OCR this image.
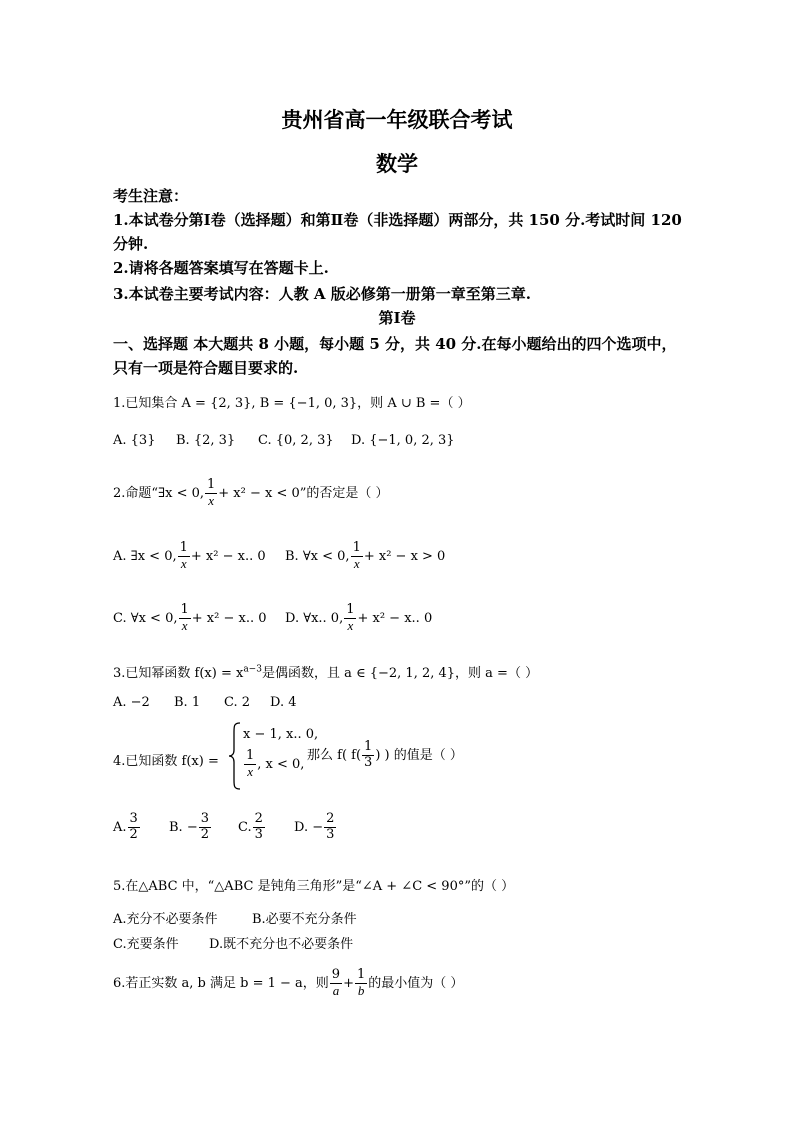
贵州省高一年级联合考试
数学
考生注意：
1.本试卷分第Ⅰ卷（选择题）和第Ⅱ卷（非选择题）两部分，共 150 分.考试时间 120
分钟.
2.请将各题答案填写在答题卡上.
3.本试卷主要考试内容：人教 A 版必修第一册第一章至第三章.
第Ⅰ卷
一、选择题 本大题共 8 小题，每小题 5 分，共 40 分.在每小题给出的四个选项中，
只有一项是符合题目要求的.
1.已知集合 A = {2, 3}, B = {−1, 0, 3}，则 A ∪ B =（ ）
A. {3} B. {2, 3} C. {0, 2, 3} D. {−1, 0, 2, 3}
2.命题“∃x < 0, $\frac{1}{x} + x^2 - x < 0$”的否定是（ ）
A. ∃x < 0, $\frac{1}{x} + x^2 - x$.. 0 B. ∀x < 0, $\frac{1}{x} + x^2 - x > 0$
C. ∀x < 0, $\frac{1}{x} + x^2 - x$.. 0 D. ∀x.. 0, $\frac{1}{x} + x^2 - x$.. 0
3.已知幂函数 $f(x) = x^{a-3}$是偶函数，且 a ∈ {−2, 1, 2, 4}，则 a =（ ）
A. −2 B. 1 C. 2 D. 4
4.已知函数 f(x) =
x − 1, x.. 0,
$\frac{1}{x}$ , x < 0,
那么 f( $f( \frac{1}{3}$ ) ) 的值是（ ）
A. $\frac{3}{2} B$. − $\frac{3}{2} C$. $\frac{2}{3} D$. − $\frac{2}{3}$
5.在△ABC 中，“△ABC 是钝角三角形”是“∠A + ∠C < 90°”的（ ）
A.充分不必要条件	B.必要不充分条件
C.充要条件 D.既不充分也不必要条件
6.若正实数 a, b 满足 b = 1 − a，则 $\frac{9}{a} + \frac{1}{b}$ 的最小值为（ ）
